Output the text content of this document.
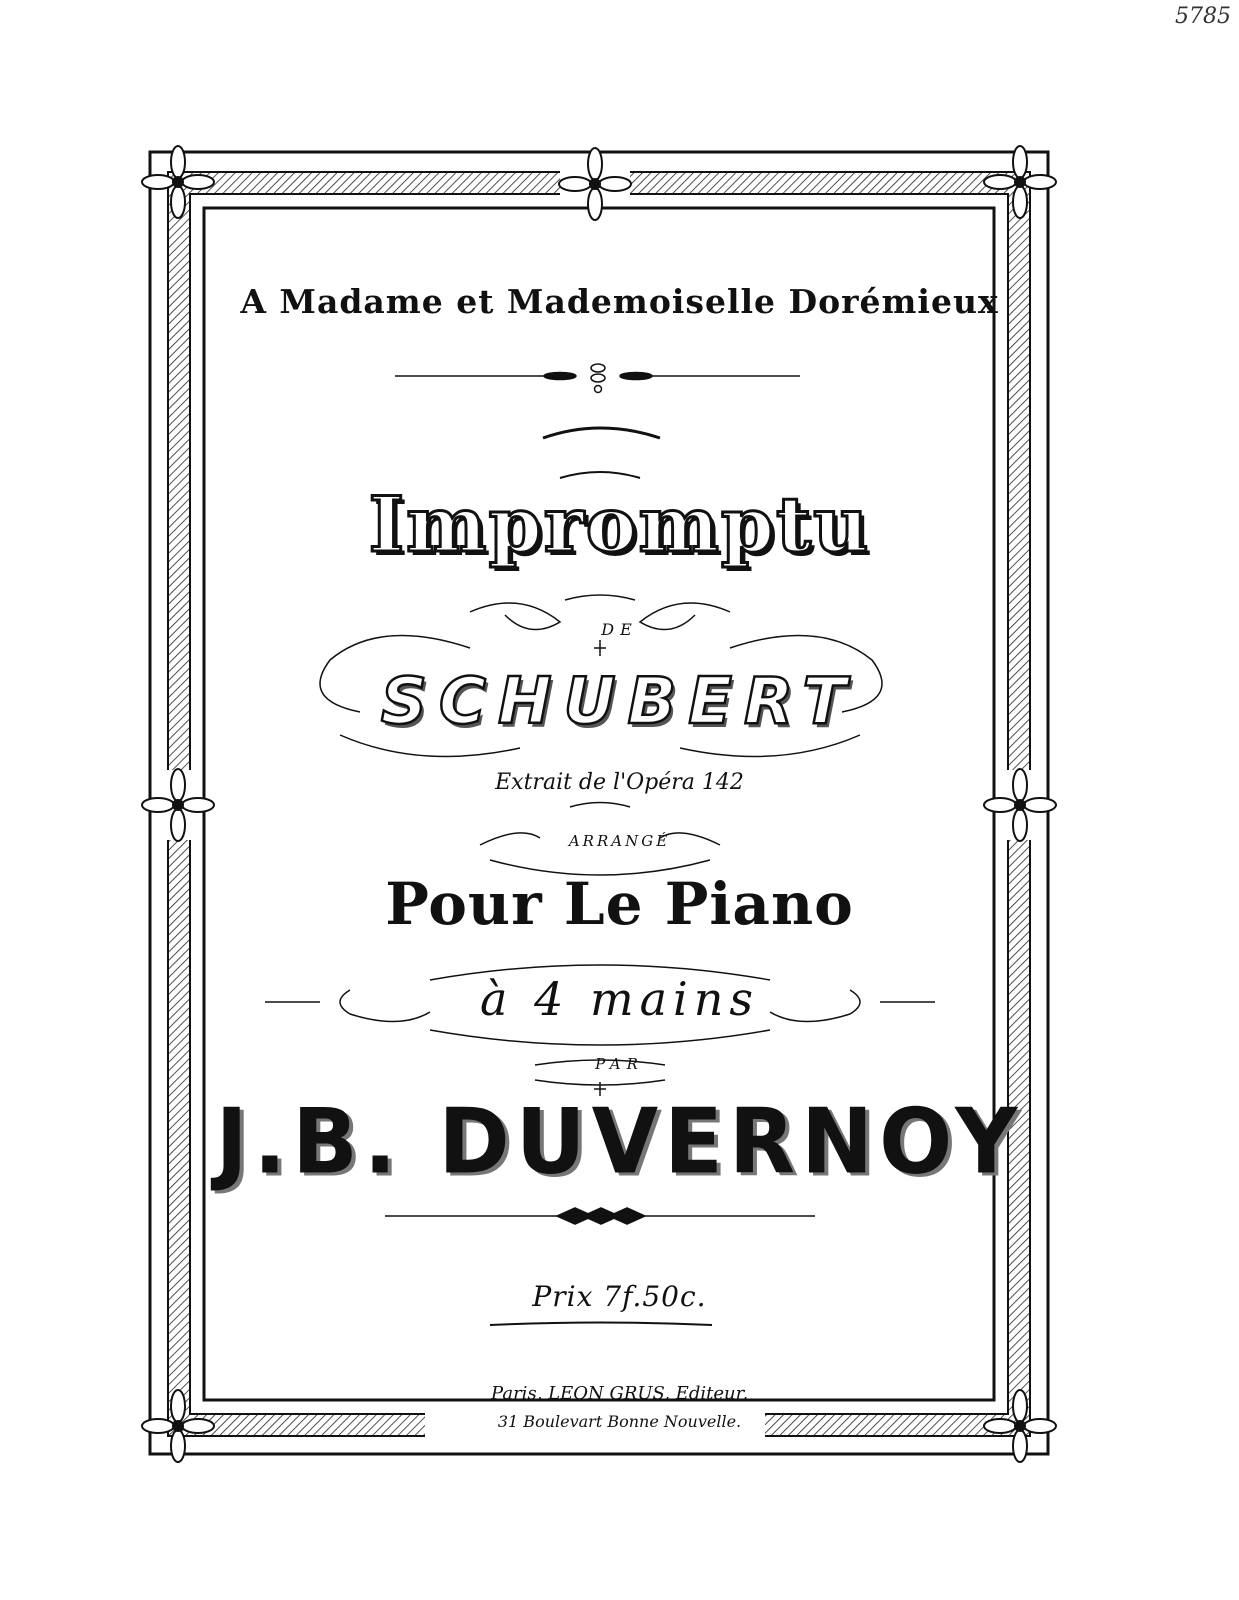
5785
A Madame et Mademoiselle Dorémieux
Impromptu
DE
SCHUBERT
Extrait de l'Opéra 142
ARRANGÉ
Pour Le Piano
à 4 mains
PAR
J.B. DUVERNOY
Prix 7f.50c.
Paris, LEON GRUS, Editeur,
31 Boulevart Bonne Nouvelle.
